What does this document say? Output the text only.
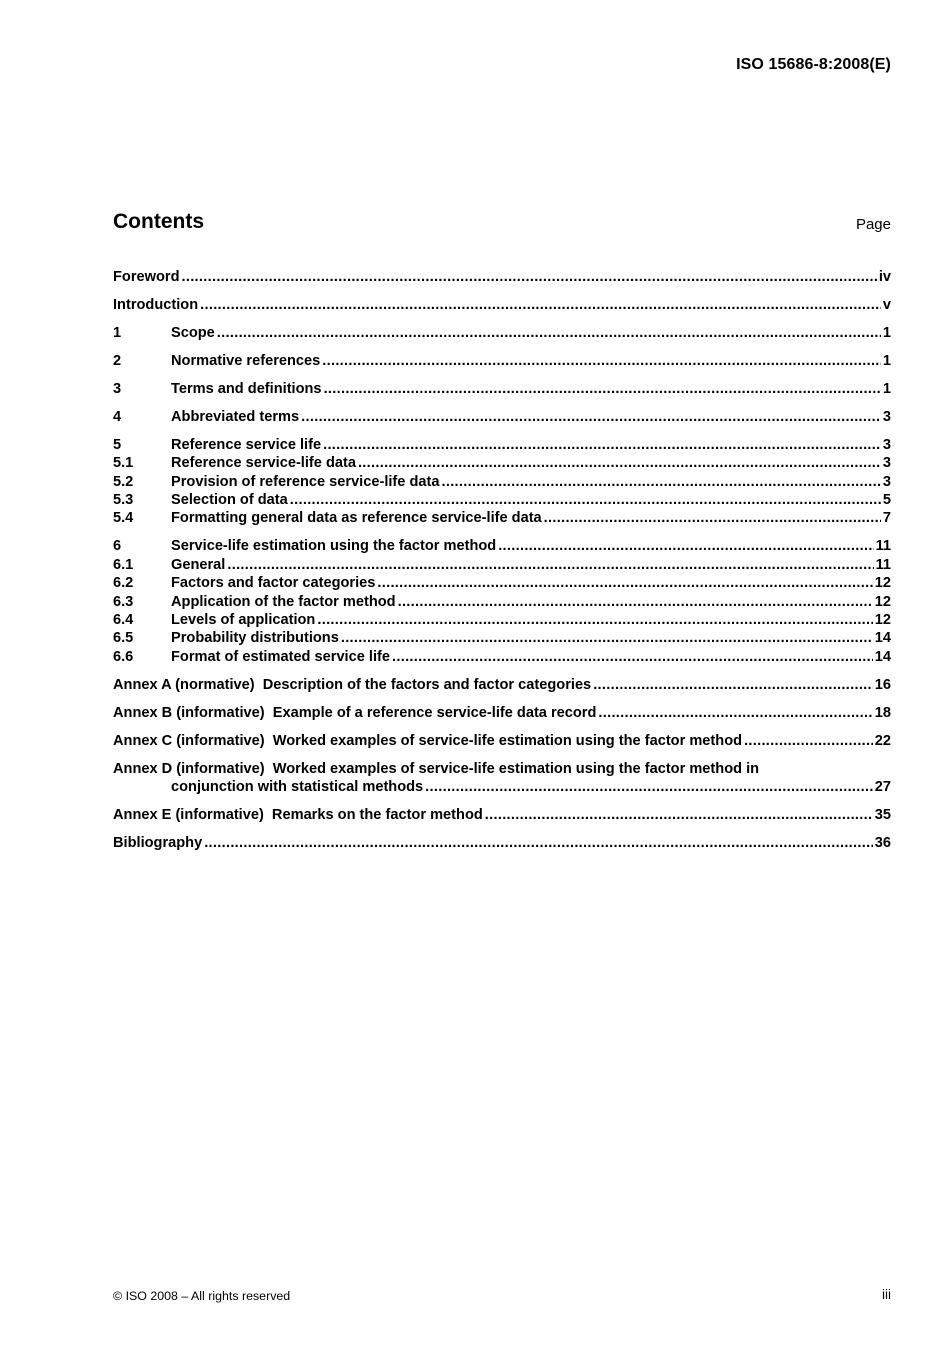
ISO 15686-8:2008(E)
Contents	Page
Foreword .....	iv
Introduction .....	v
1	Scope .....	1
2	Normative references .....	1
3	Terms and definitions .....	1
4	Abbreviated terms .....	3
5	Reference service life .....	3
5.1	Reference service-life data .....	3
5.2	Provision of reference service-life data .....	3
5.3	Selection of data .....	5
5.4	Formatting general data as reference service-life data .....	7
6	Service-life estimation using the factor method .....	11
6.1	General .....	11
6.2	Factors and factor categories .....	12
6.3	Application of the factor method .....	12
6.4	Levels of application .....	12
6.5	Probability distributions .....	14
6.6	Format of estimated service life .....	14
Annex A (normative)  Description of the factors and factor categories .....	16
Annex B (informative)  Example of a reference service-life data record .....	18
Annex C (informative)  Worked examples of service-life estimation using the factor method .....	22
Annex D (informative)  Worked examples of service-life estimation using the factor method in
conjunction with statistical methods .....	27
Annex E (informative)  Remarks on the factor method .....	35
Bibliography .....	36
© ISO 2008 – All rights reserved	iii
